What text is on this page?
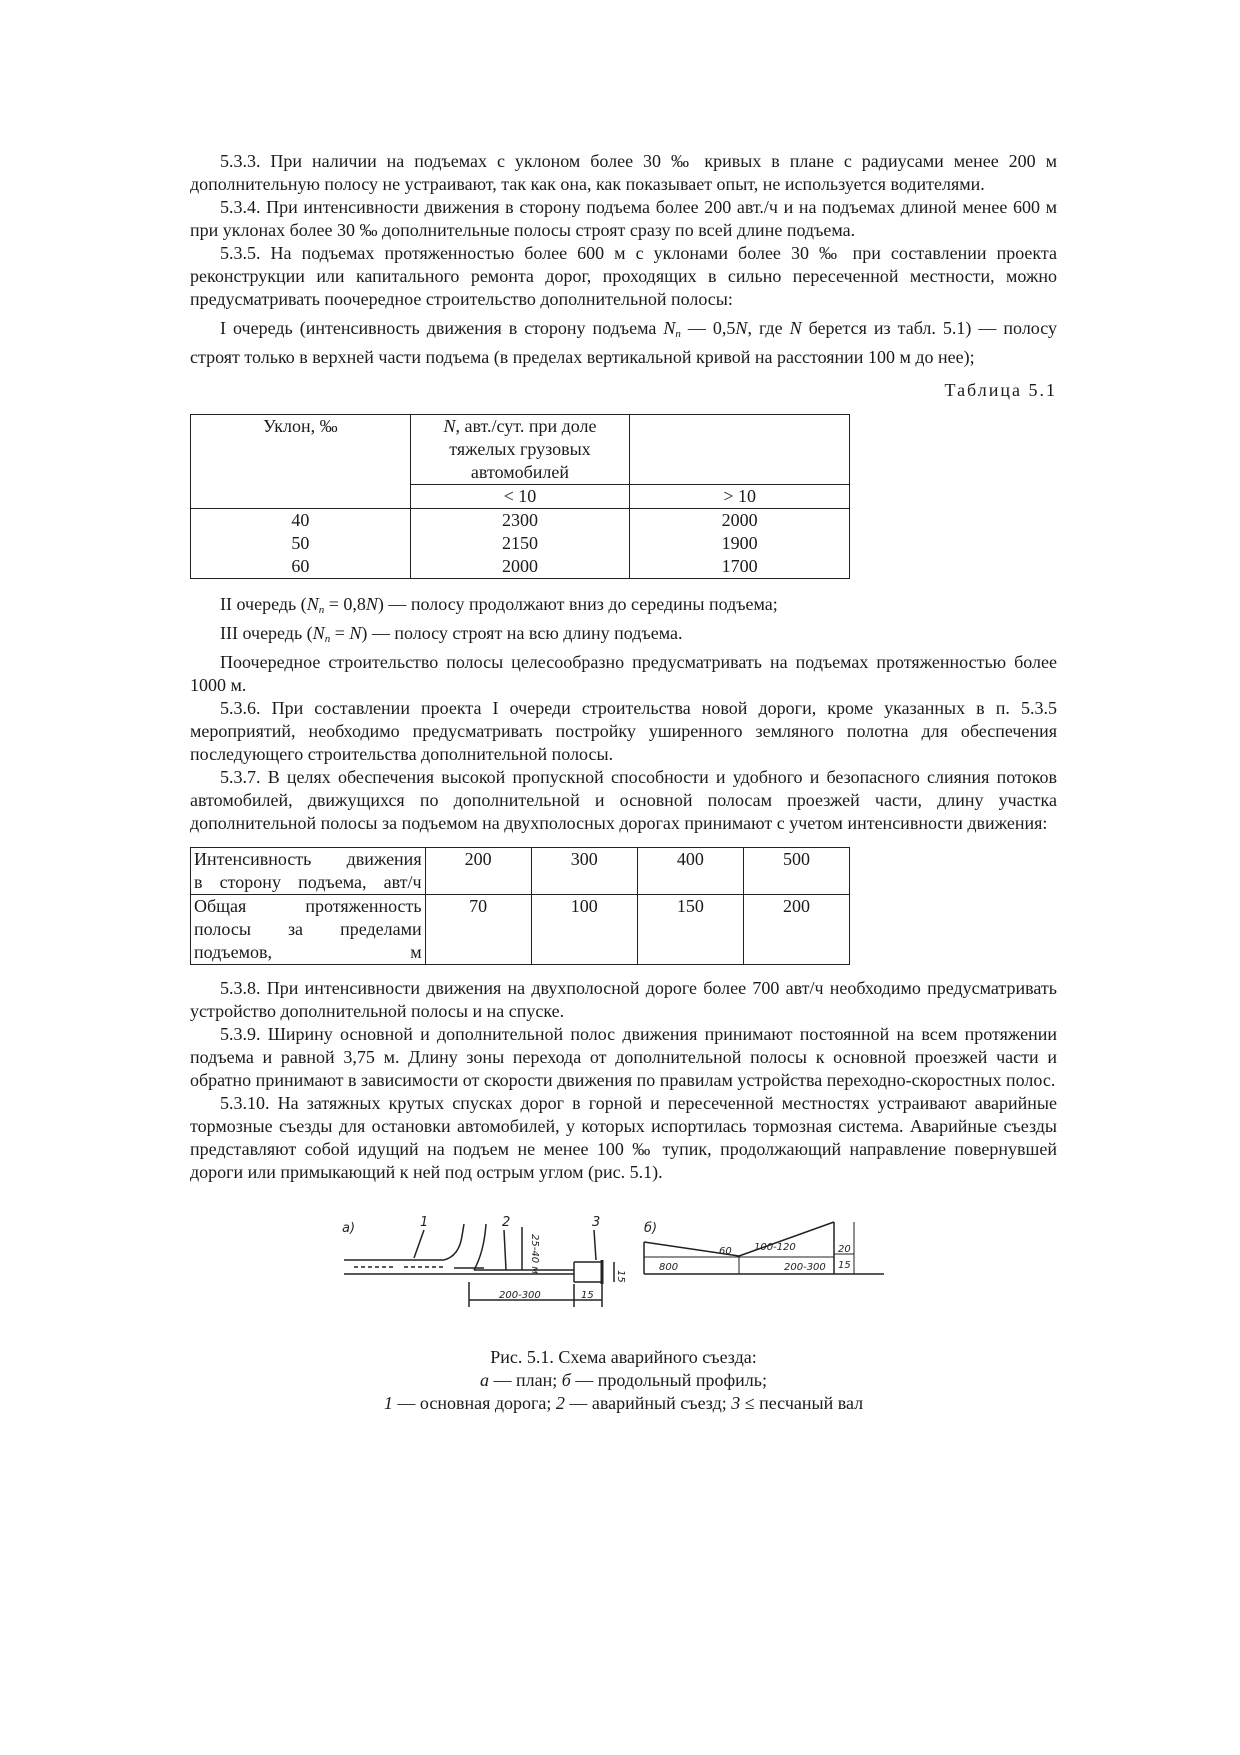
5.3.3. При наличии на подъемах с уклоном более 30 ‰ кривых в плане с радиусами менее 200 м дополнительную полосу не устраивают, так как она, как показывает опыт, не используется водителями.

5.3.4. При интенсивности движения в сторону подъема более 200 авт./ч и на подъемах длиной менее 600 м при уклонах более 30 ‰ дополнительные полосы строят сразу по всей длине подъема.

5.3.5. На подъемах протяженностью более 600 м с уклонами более 30 ‰ при составлении проекта реконструкции или капитального ремонта дорог, проходящих в сильно пересеченной местности, можно предусматривать поочередное строительство дополнительной полосы:

I очередь (интенсивность движения в сторону подъема $N_n$ — 0,5N, где N берется из табл. 5.1) — полосу строят только в верхней части подъема (в пределах вертикальной кривой на расстоянии 100 м до нее);

Таблица 5.1
Уклон, ‰	N, авт./сут. при доле тяжелых грузовых автомобилей	
	< 10	> 10
40	2300	2000
50	2150	1900
60	2000	1700

II очередь $(N_n = 0,8N)$ — полосу продолжают вниз до середины подъема;

III очередь $(N_n = N)$ — полосу строят на всю длину подъема.

Поочередное строительство полосы целесообразно предусматривать на подъемах протяженностью более 1000 м.

5.3.6. При составлении проекта I очереди строительства новой дороги, кроме указанных в п. 5.3.5 мероприятий, необходимо предусматривать постройку уширенного земляного полотна для обеспечения последующего строительства дополнительной полосы.

5.3.7. В целях обеспечения высокой пропускной способности и удобного и безопасного слияния потоков автомобилей, движущихся по дополнительной и основной полосам проезжей части, длину участка дополнительной полосы за подъемом на двухполосных дорогах принимают с учетом интенсивности движения:

Интенсивность движения
в сторону подъема, авт/ч	200	300	400	500
Общая протяженность
полосы за пределами
подъемов, м	70	100	150	200

5.3.8. При интенсивности движения на двухполосной дороге более 700 авт/ч необходимо предусматривать устройство дополнительной полосы и на спуске.

5.3.9. Ширину основной и дополнительной полос движения принимают постоянной на всем протяжении подъема и равной 3,75 м. Длину зоны перехода от дополнительной полосы к основной проезжей части и обратно принимают в зависимости от скорости движения по правилам устройства переходно-скоростных полос.

5.3.10. На затяжных крутых спусках дорог в горной и пересеченной местностях устраивают аварийные тормозные съезды для остановки автомобилей, у которых испортилась тормозная система. Аварийные съезды представляют собой идущий на подъем не менее 100 ‰ тупик, продолжающий направление повернувшей дороги или примыкающий к ней под острым углом (рис. 5.1).

а)	1	2	3	б)
25-40 м
200-300	15
15
800
60 100-120
200-300
20
15
Рис. 5.1. Схема аварийного съезда:
а — план; б — продольный профиль;
1 — основная дорога; 2 — аварийный съезд; 3 ≤ песчаный вал
